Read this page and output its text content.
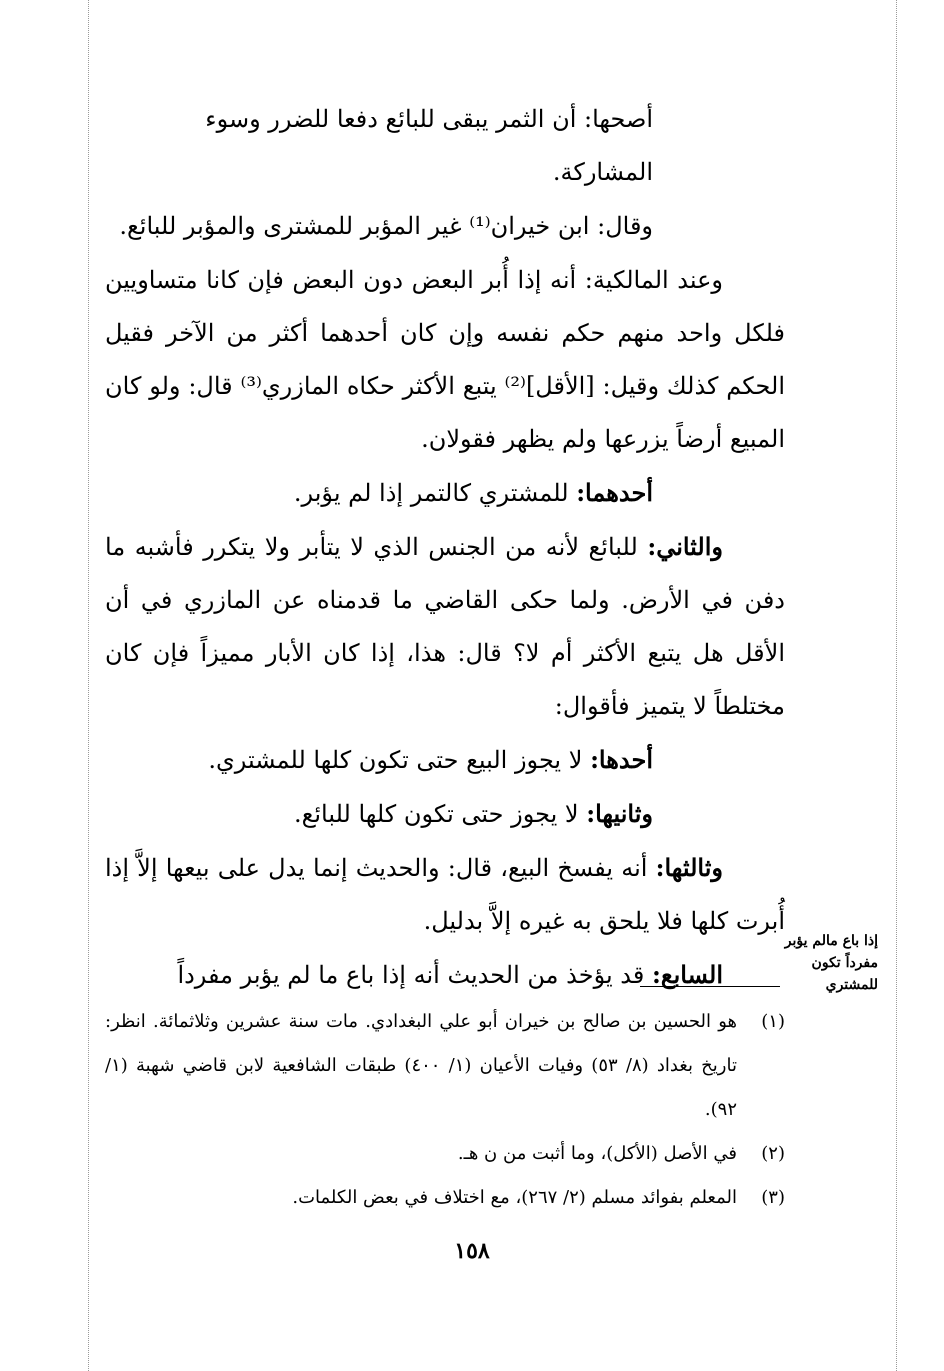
أصحها: أن الثمر يبقى للبائع دفعا للضرر وسوء المشاركة.

وقال: ابن خيران⁽¹⁾ غير المؤبر للمشترى والمؤبر للبائع.

وعند المالكية: أنه إذا أُبر البعض دون البعض فإن كانا متساويين فلكل واحد منهم حكم نفسه وإن كان أحدهما أكثر من الآخر فقيل الحكم كذلك وقيل: [الأقل]⁽²⁾ يتبع الأكثر حكاه المازري⁽³⁾ قال: ولو كان المبيع أرضاً يزرعها ولم يظهر فقولان.

أحدهما: للمشتري كالتمر إذا لم يؤبر.

والثاني: للبائع لأنه من الجنس الذي لا يتأبر ولا يتكرر فأشبه ما دفن في الأرض. ولما حكى القاضي ما قدمناه عن المازري في أن الأقل هل يتبع الأكثر أم لا؟ قال: هذا، إذا كان الأبار مميزاً فإن كان مختلطاً لا يتميز فأقوال:

أحدها: لا يجوز البيع حتى تكون كلها للمشتري.

وثانيها: لا يجوز حتى تكون كلها للبائع.

وثالثها: أنه يفسخ البيع، قال: والحديث إنما يدل على بيعها إلاَّ إذا أُبرت كلها فلا يلحق به غيره إلاَّ بدليل.

السابع: قد يؤخذ من الحديث أنه إذا باع ما لم يؤبر مفرداً

إذا باع مالم يؤبر مفرداً تكون للمشتري
(١)
هو الحسين بن صالح بن خيران أبو علي البغدادي. مات سنة عشرين وثلاثمائة. انظر: تاريخ بغداد (٨/ ٥٣) وفيات الأعيان (١/ ٤٠٠) طبقات الشافعية لابن قاضي شهبة (١/ ٩٢).
(٢)
في الأصل (الأكل)، وما أثبت من ن هـ.
(٣)
المعلم بفوائد مسلم (٢/ ٢٦٧)، مع اختلاف في بعض الكلمات.
١٥٨
